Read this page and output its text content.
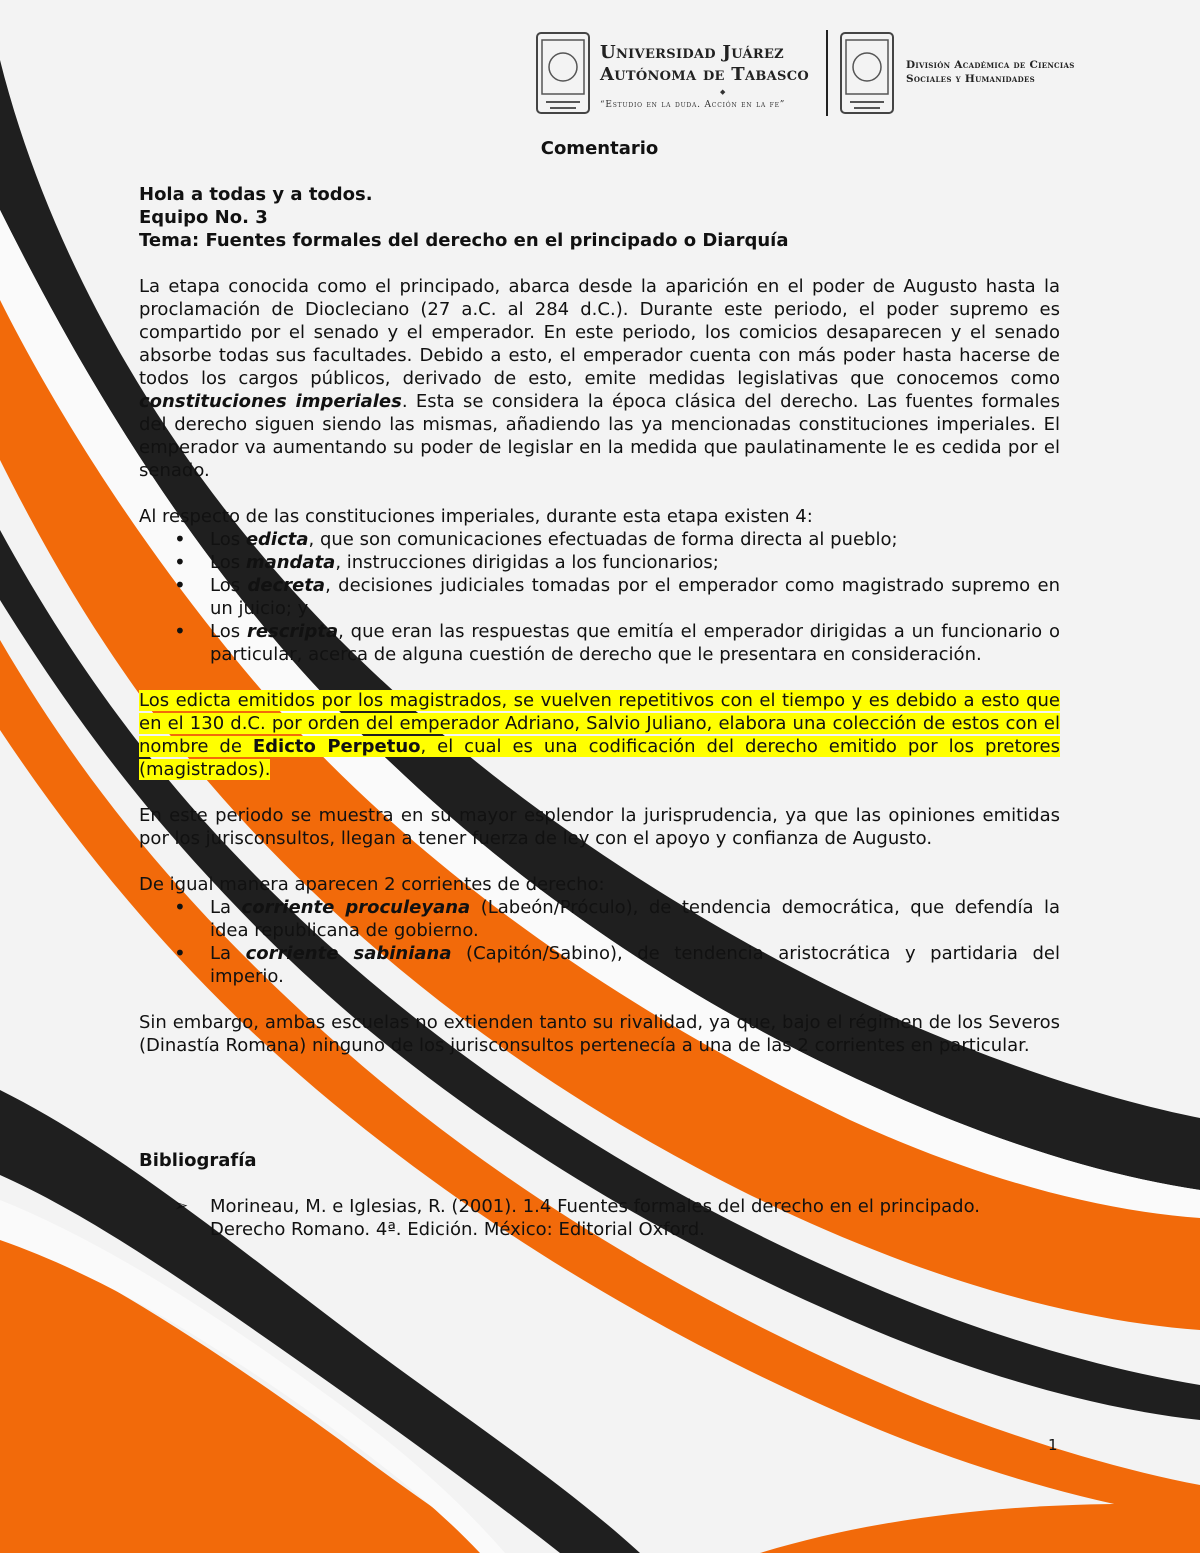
Universidad Juárez
Autónoma de Tabasco
◆
“Estudio en la duda. Acción en la fe”
División Académica de Ciencias
Sociales y Humanidades

Comentario

Hola a todas y a todos.

Equipo No. 3

Tema: Fuentes formales del derecho en el principado o Diarquía

La etapa conocida como el principado, abarca desde la aparición en el poder de Augusto hasta la proclamación de Diocleciano (27 a.C. al 284 d.C.). Durante este periodo, el poder supremo es compartido por el senado y el emperador. En este periodo, los comicios desaparecen y el senado absorbe todas sus facultades. Debido a esto, el emperador cuenta con más poder hasta hacerse de todos los cargos públicos, derivado de esto, emite medidas legislativas que conocemos como constituciones imperiales. Esta se considera la época clásica del derecho. Las fuentes formales del derecho siguen siendo las mismas, añadiendo las ya mencionadas constituciones imperiales. El emperador va aumentando su poder de legislar en la medida que paulatinamente le es cedida por el senado.

Al respecto de las constituciones imperiales, durante esta etapa existen 4:

• Los edicta, que son comunicaciones efectuadas de forma directa al pueblo;
• Los mandata, instrucciones dirigidas a los funcionarios;
• Los decreta, decisiones judiciales tomadas por el emperador como magistrado supremo en un juicio; y
• Los rescripta, que eran las respuestas que emitía el emperador dirigidas a un funcionario o particular, acerca de alguna cuestión de derecho que le presentara en consideración.

Los edicta emitidos por los magistrados, se vuelven repetitivos con el tiempo y es debido a esto que en el 130 d.C. por orden del emperador Adriano, Salvio Juliano, elabora una colección de estos con el nombre de Edicto Perpetuo, el cual es una codificación del derecho emitido por los pretores (magistrados).

En este periodo se muestra en su mayor esplendor la jurisprudencia, ya que las opiniones emitidas por los jurisconsultos, llegan a tener fuerza de ley con el apoyo y confianza de Augusto.

De igual manera aparecen 2 corrientes de derecho:

• La corriente proculeyana (Labeón/Próculo), de tendencia democrática, que defendía la idea republicana de gobierno.
• La corriente sabiniana (Capitón/Sabino), de tendencia aristocrática y partidaria del imperio.

Sin embargo, ambas escuelas no extienden tanto su rivalidad, ya que, bajo el régimen de los Severos (Dinastía Romana) ninguno de los jurisconsultos pertenecía a una de las 2 corrientes en particular.

Bibliografía

➢ Morineau, M. e Iglesias, R. (2001). 1.4 Fuentes formales del derecho en el principado. Derecho Romano. 4ª. Edición. México: Editorial Oxford.
1
